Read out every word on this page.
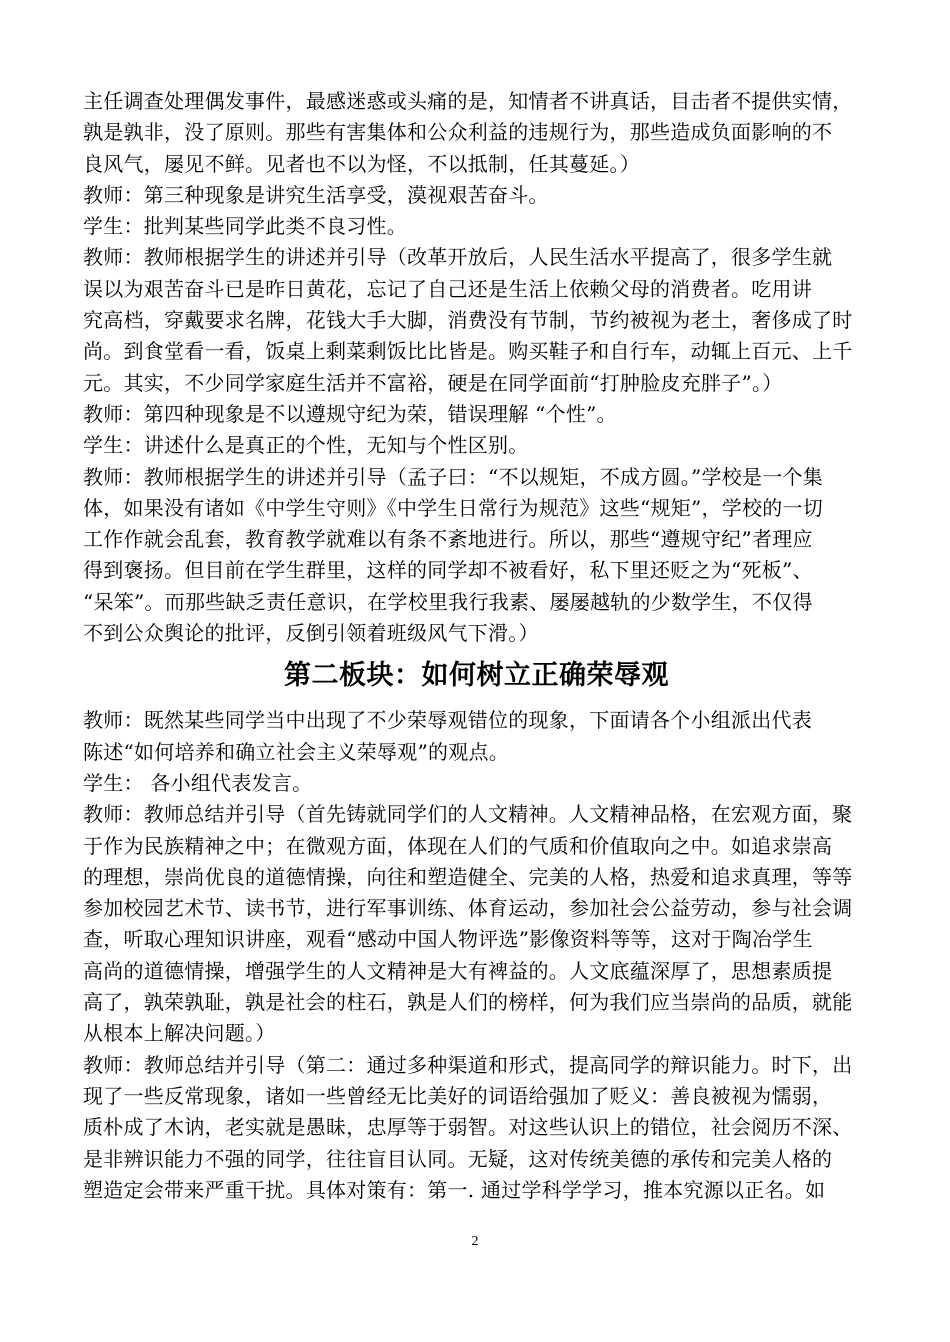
主任调查处理偶发事件，最感迷惑或头痛的是，知情者不讲真话，目击者不提供实情，
孰是孰非，没了原则。那些有害集体和公众利益的违规行为，那些造成负面影响的不
良风气，屡见不鲜。见者也不以为怪，不以抵制，任其蔓延。）
教师：第三种现象是讲究生活享受，漠视艰苦奋斗。
学生：批判某些同学此类不良习性。
教师：教师根据学生的讲述并引导（改革开放后，人民生活水平提高了，很多学生就
误以为艰苦奋斗已是昨日黄花，忘记了自己还是生活上依赖父母的消费者。吃用讲
究高档，穿戴要求名牌，花钱大手大脚，消费没有节制，节约被视为老土，奢侈成了时
尚。到食堂看一看，饭桌上剩菜剩饭比比皆是。购买鞋子和自行车，动辄上百元、上千
元。其实，不少同学家庭生活并不富裕，硬是在同学面前“打肿脸皮充胖子”。）
教师：第四种现象是不以遵规守纪为荣，错误理解 “个性”。
学生：讲述什么是真正的个性，无知与个性区别。
教师：教师根据学生的讲述并引导（孟子曰：“不以规矩，不成方圆。”学校是一个集
体，如果没有诸如《中学生守则》《中学生日常行为规范》这些“规矩”，学校的一切
工作作就会乱套，教育教学就难以有条不紊地进行。所以，那些“遵规守纪”者理应
得到褒扬。但目前在学生群里，这样的同学却不被看好，私下里还贬之为“死板”、
“呆笨”。而那些缺乏责任意识，在学校里我行我素、屡屡越轨的少数学生，不仅得
不到公众舆论的批评，反倒引领着班级风气下滑。）
第二板块：如何树立正确荣辱观
教师：既然某些同学当中出现了不少荣辱观错位的现象，下面请各个小组派出代表
陈述“如何培养和确立社会主义荣辱观”的观点。
学生： 各小组代表发言。
教师：教师总结并引导（首先铸就同学们的人文精神。人文精神品格，在宏观方面，聚
于作为民族精神之中；在微观方面，体现在人们的气质和价值取向之中。如追求崇高
的理想，崇尚优良的道德情操，向往和塑造健全、完美的人格，热爱和追求真理，等等
参加校园艺术节、读书节，进行军事训练、体育运动，参加社会公益劳动，参与社会调
查，听取心理知识讲座，观看“感动中国人物评选”影像资料等等，这对于陶冶学生
高尚的道德情操，增强学生的人文精神是大有裨益的。人文底蕴深厚了，思想素质提
高了，孰荣孰耻，孰是社会的柱石，孰是人们的榜样，何为我们应当崇尚的品质，就能
从根本上解决问题。）
教师：教师总结并引导（第二：通过多种渠道和形式，提高同学的辩识能力。时下，出
现了一些反常现象，诸如一些曾经无比美好的词语给强加了贬义：善良被视为懦弱，
质朴成了木讷，老实就是愚昧，忠厚等于弱智。对这些认识上的错位，社会阅历不深、
是非辨识能力不强的同学，往往盲目认同。无疑，这对传统美德的承传和完美人格的
塑造定会带来严重干扰。具体对策有：第一. 通过学科学学习，推本究源以正名。如
2
